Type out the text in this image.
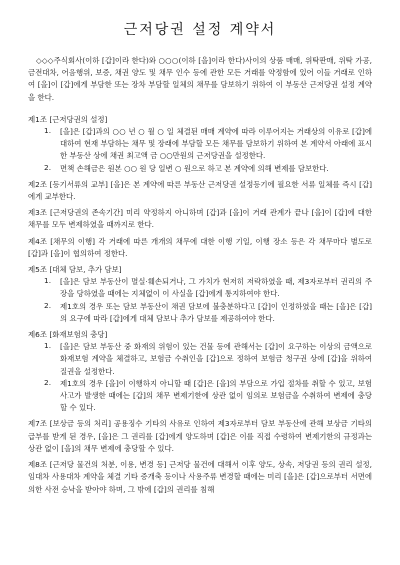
근저당권 설정 계약서

◇◇◇주식회사(이하 [갑]이라 한다)와 ○○○(이하 [을]이라 한다)사이의 상품 매매, 위탁판매, 위탁 가공, 금전대차, 어음행위, 보증, 채권 양도 및 채무 인수 등에 관한 모든 거래를 약정함에 있어 이들 거래로 인하여 [을]이 [갑]에게 부담한 또는 장차 부담할 일체의 채무를 담보하기 위하여 이 부동산 근저당권 설정 계약을 한다.

제1조 [근저당권의 설정]

1.	[을]은 [갑]과의 ○○ 년 ○ 월 ○ 일 체결된 매매 계약에 따라 이루어지는 거래상의 이유로 [갑]에 대하여 현재 부담하는 채무 및 장래에 부담할 모든 채무를 담보하기 위하여 본 계약서 아래에 표시한 부동산 상에 채권 최고액 금 ○○만원의 근저당권을 설정한다.

2.	면책 손해금은 원본 ○○ 원 당 일변 ○ 원으로 하고 본 계약에 의해 변제를 담보한다.

제2조 [등기서류의 교부] [을]은 본 계약에 따른 부동산 근저당권 설정등기에 필요한 서류 일체를 즉시 [갑]에게 교부한다.

제3조 [근저당권의 존속기간] 미리 약정하지 아니하며 [갑]과 [을]이 거래 관계가 끝나 [을]이 [갑]에 대한 채무를 모두 변제하였을 때까지로 한다.

제4조 [채무의 이행] 각 거래에 따른 개개의 채무에 대한 이행 기일, 이행 장소 등은 각 채무마다 별도로 [갑]과 [을]이 협의하여 정한다.

제5조 [대체 담보, 추가 담보]

1.	[을]은 담보 부동산이 멸실·훼손되거나, 그 가치가 현저히 저락하였을 때, 제3자로부터 권리의 주장을 당하였을 때에는 지체없이 이 사실을 [갑]에게 통지하여야 한다.

2.	제1호의 경우 또는 담보 부동산이 채권 담보에 불충분하다고 [갑]이 인정하였을 때는 [을]은 [갑]의 요구에 따라 [갑]에게 대체 담보나 추가 담보를 제공하여야 한다.

제6조 [화재보험의 충당]

1.	[을]은 담보 부동산 중 화재의 위험이 있는 건물 등에 관해서는 [갑]이 요구하는 이상의 금액으로 화재보험 계약을 체결하고, 보험금 수취인을 [갑]으로 정하여 보험금 청구권 상에 [갑]을 위하여 질권을 설정한다.

2.	제1호의 경우 [을]이 이행하지 아니할 때 [갑]은 [을]의 부담으로 가입 절차를 취할 수 있고, 보험사고가 발생한 때에는 [갑]의 채무 변제기한에 상관 없이 임의로 보험금을 수취하여 변제에 충당할 수 있다.

제7조 [보상금 등의 처리] 공용징수 기타의 사유로 인하여 제3자로부터 담보 부동산에 관해 보상금 기타의 급부를 받게 된 경우, [을]은 그 권리를 [갑]에게 양도하며 [갑]은 이를 직접 수령하여 변제기한의 규정과는 상관 없이 [을]의 채무 변제에 충당할 수 있다.

제8조 [근저당 물건의 처분, 이용, 변경 등] 근저당 물건에 대해서 이후 양도, 상속, 저당권 등의 권리 설정, 임대차 사용대차 계약을 체결 기타 증개축 등이나 사용주류 변경할 때에는 미리 [을]은 [갑]으로부터 서면에 의한 사전 승낙을 받아야 하며, 그 밖에 [갑]의 권리를 침해
